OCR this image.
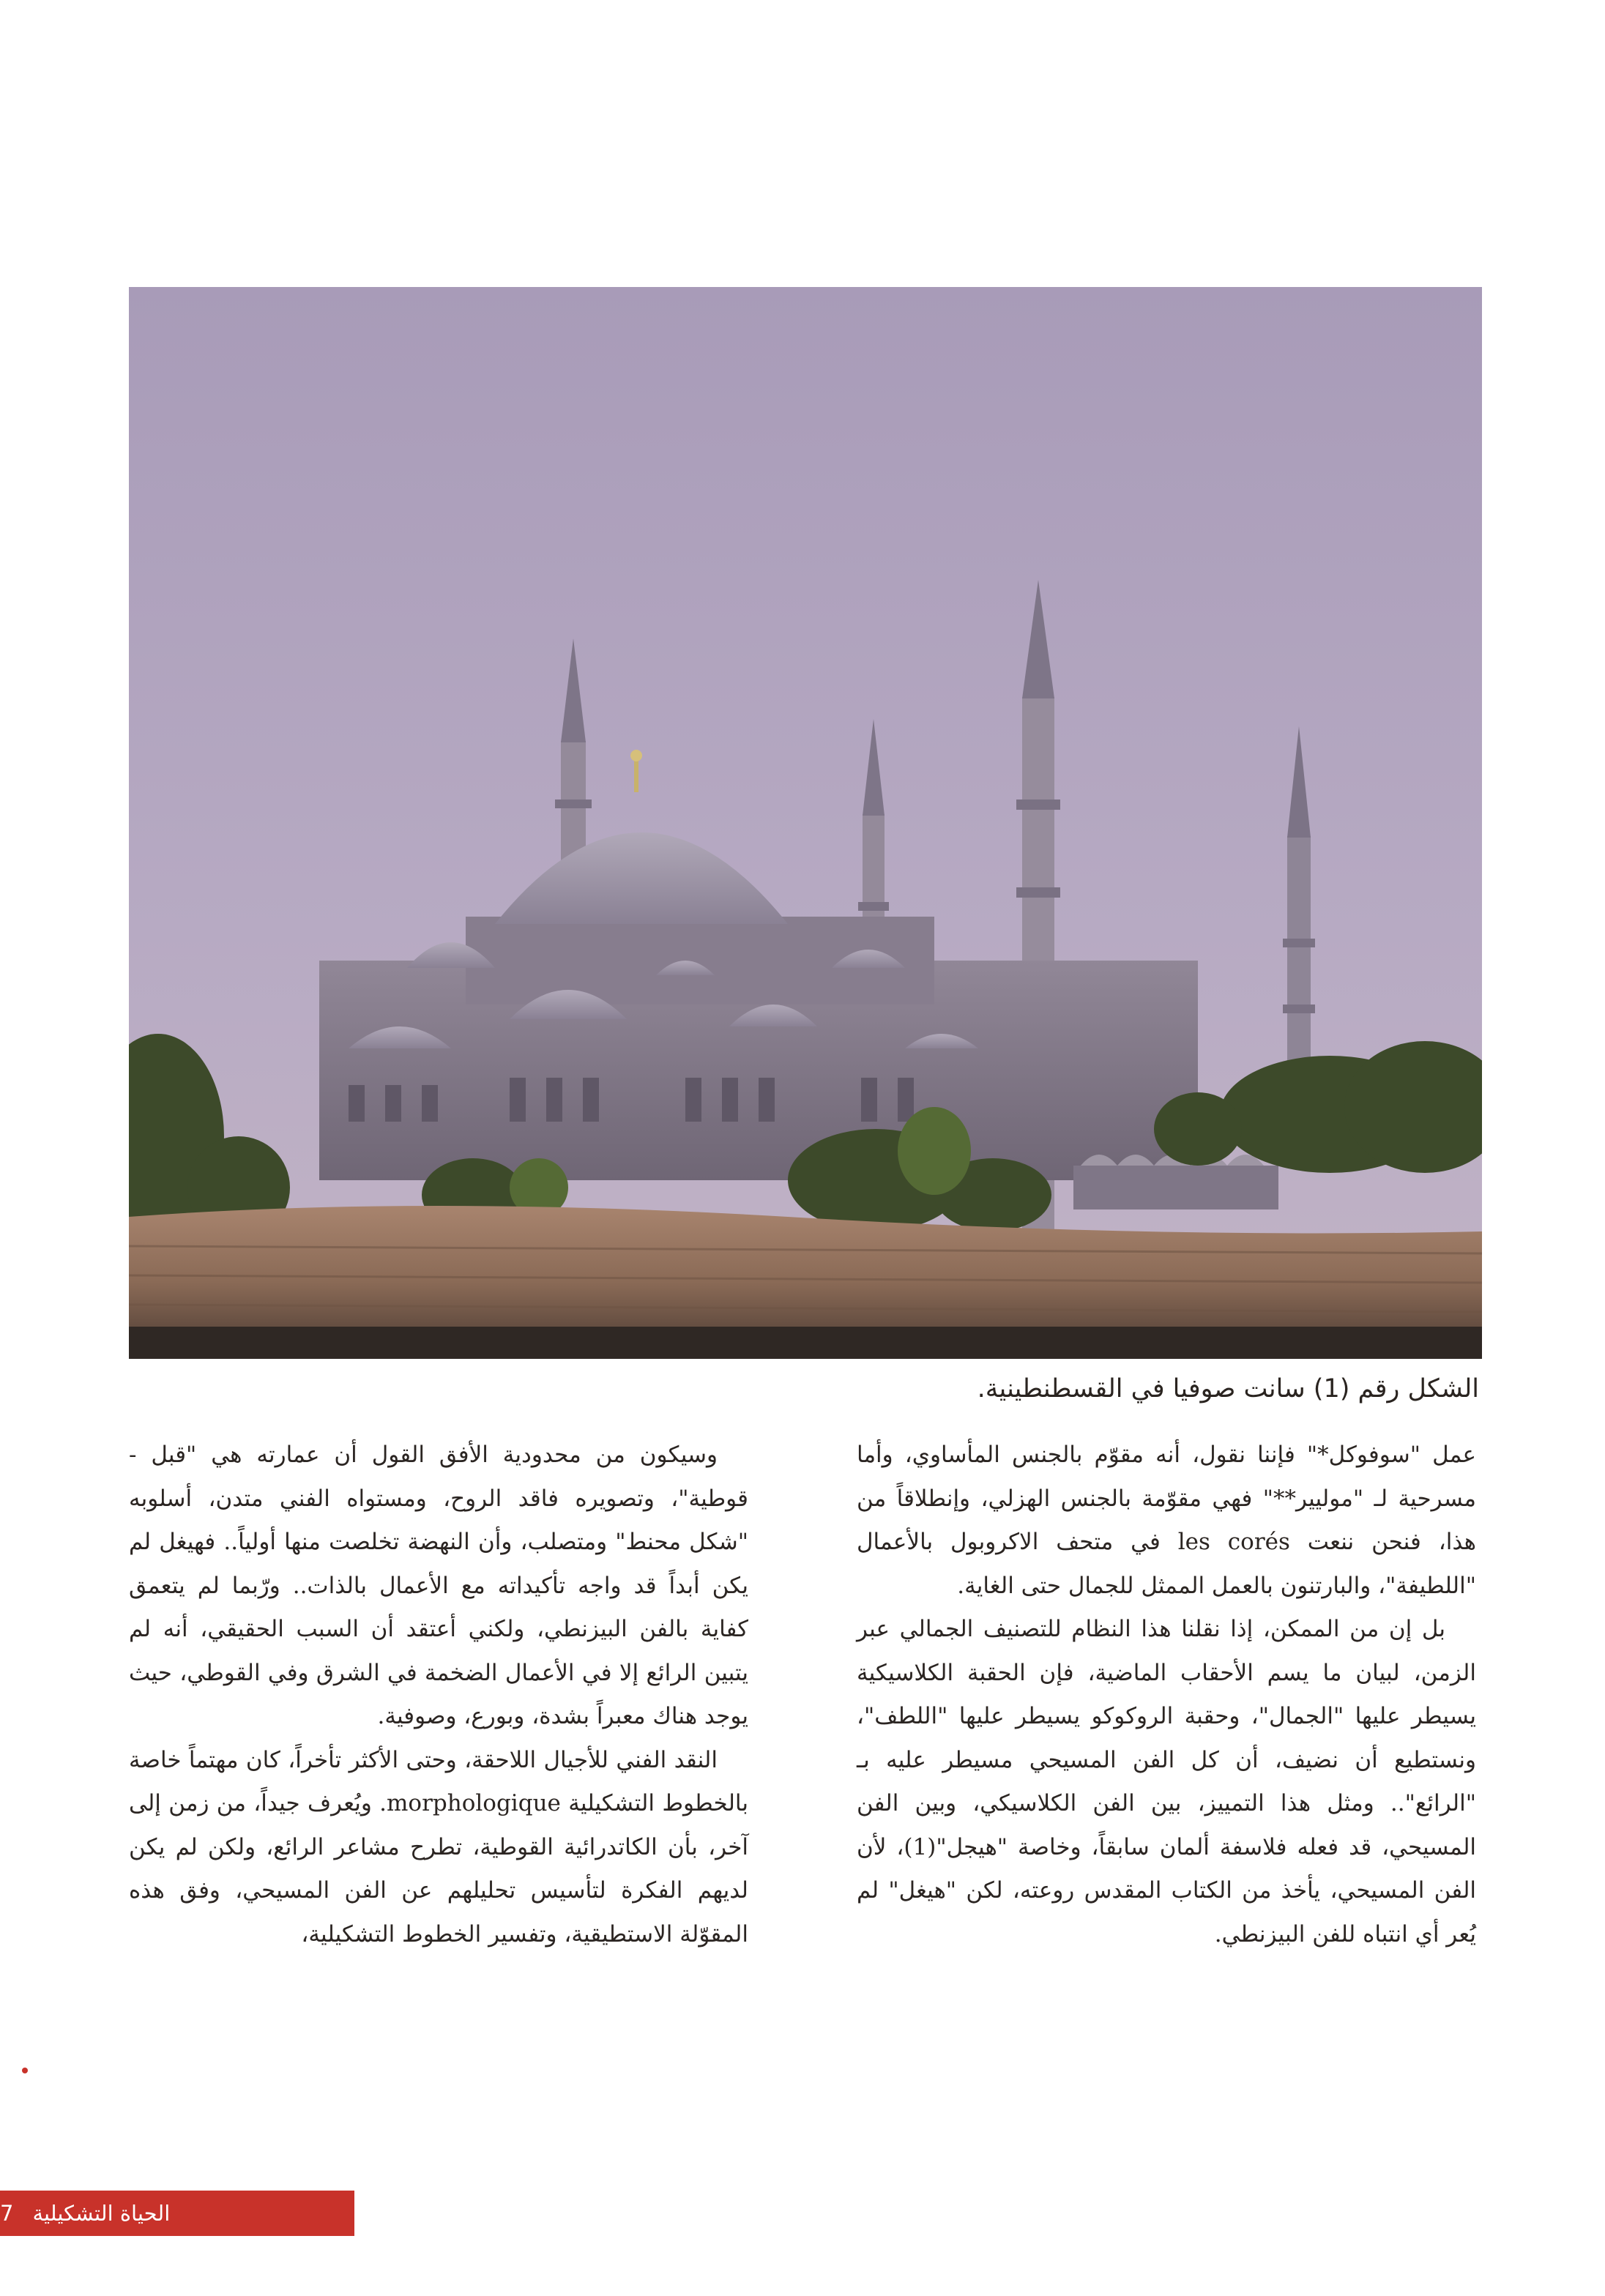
الشكل رقم (1) سانت صوفيا في القسطنطينية.

عمل "سوفوكل*" فإننا نقول، أنه مقوّم بالجنس المأساوي، وأما مسرحية لـ "موليير**" فهي مقوّمة بالجنس الهزلي، وإنطلاقاً من هذا، فنحن ننعت les corés في متحف الاكروبول بالأعمال "اللطيفة"، والبارتنون بالعمل الممثل للجمال حتى الغاية.

بل إن من الممكن، إذا نقلنا هذا النظام للتصنيف الجمالي عبر الزمن، لبيان ما يسم الأحقاب الماضية، فإن الحقبة الكلاسيكية يسيطر عليها "الجمال"، وحقبة الروكوكو يسيطر عليها "اللطف"، ونستطيع أن نضيف، أن كل الفن المسيحي مسيطر عليه بـ "الرائع".. ومثل هذا التمييز، بين الفن الكلاسيكي، وبين الفن المسيحي، قد فعله فلاسفة ألمان سابقاً، وخاصة "هيجل"(1)، لأن الفن المسيحي، يأخذ من الكتاب المقدس روعته، لكن "هيغل" لم يُعر أي انتباه للفن البيزنطي.

وسيكون من محدودية الأفق القول أن عمارته هي "قبل - قوطية"، وتصويره فاقد الروح، ومستواه الفني متدن، أسلوبه "شكل محنط" ومتصلب، وأن النهضة تخلصت منها أولياً.. فهيغل لم يكن أبداً قد واجه تأكيداته مع الأعمال بالذات.. ورّبما لم يتعمق كفاية بالفن البيزنطي، ولكني أعتقد أن السبب الحقيقي، أنه لم يتبين الرائع إلا في الأعمال الضخمة في الشرق وفي القوطي، حيث يوجد هناك معبراً بشدة، وبورع، وصوفية.

النقد الفني للأجيال اللاحقة، وحتى الأكثر تأخراً، كان مهتماً خاصة بالخطوط التشكيلية morphologique. ويُعرف جيداً، من زمن إلى آخر، بأن الكاتدرائية القوطية، تطرح مشاعر الرائع، ولكن لم يكن لديهم الفكرة لتأسيس تحليلهم عن الفن المسيحي، وفق هذه المقوّلة الاستطيقية، وتفسير الخطوط التشكيلية،

الحياة التشكيلية
7
